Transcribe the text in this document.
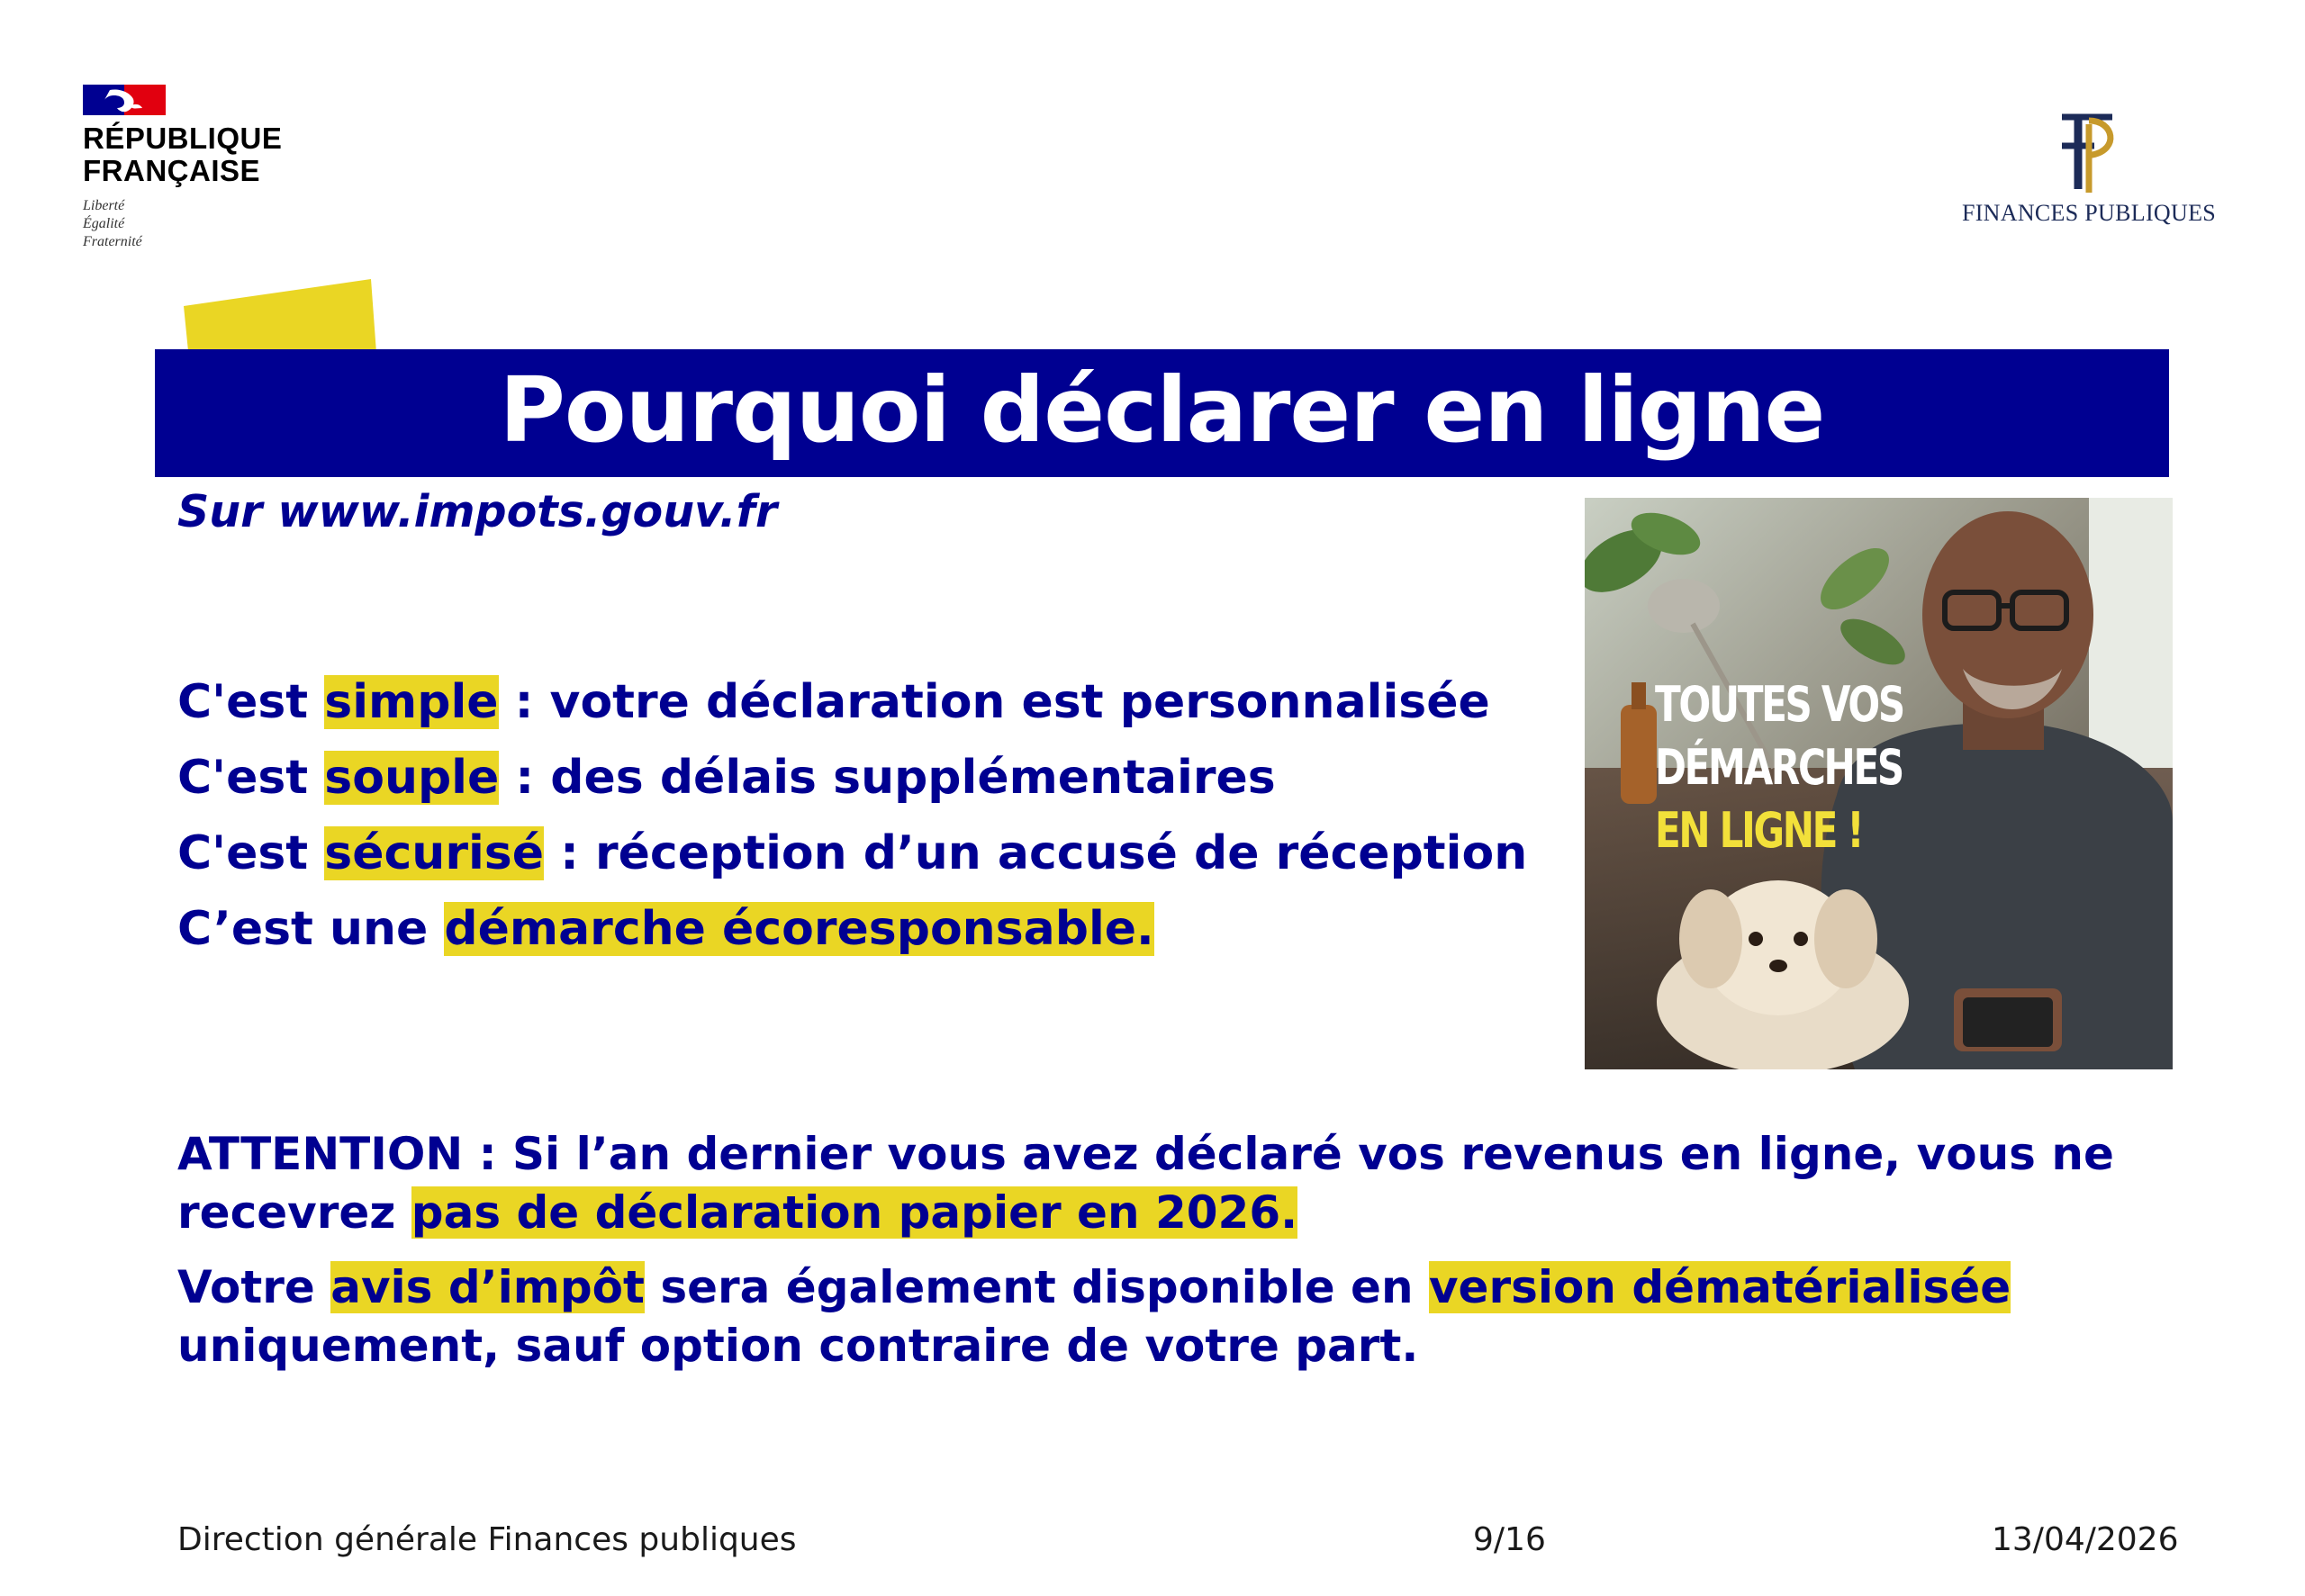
RÉPUBLIQUE
FRANÇAISE
Liberté
Égalité
Fraternité
FINANCES PUBLIQUES
Pourquoi déclarer en ligne
Sur www.impots.gouv.fr
C'est simple : votre déclaration est personnalisée
C'est souple : des délais supplémentaires
C'est sécurisé : réception d’un accusé de réception
C’est une démarche écoresponsable.
TOUTES VOS
DÉMARCHES
EN LIGNE !
ATTENTION : Si l’an dernier vous avez déclaré vos revenus en ligne, vous ne recevrez pas de déclaration papier en 2026.
Votre avis d’impôt sera également disponible en version dématérialisée uniquement, sauf option contraire de votre part.
Direction générale Finances publiques	9/16	13/04/2026
